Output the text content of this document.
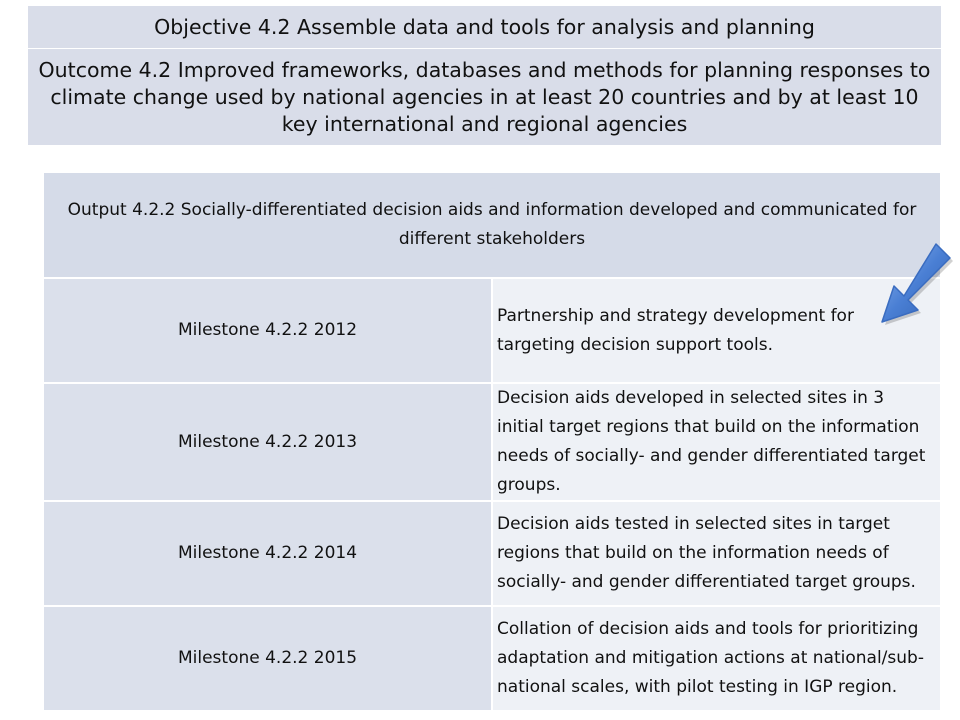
Objective 4.2 Assemble data and tools for analysis and planning
Outcome 4.2 Improved frameworks, databases and methods for planning responses to climate change used by national agencies in at least 20 countries and by at least 10 key international and regional agencies
Output 4.2.2 Socially-differentiated decision aids and information developed and communicated for different stakeholders	
Milestone 4.2.2 2012	Partnership and strategy development for targeting decision support tools.
Milestone 4.2.2 2013	Decision aids developed in selected sites in 3 initial target regions that build on the information needs of socially- and gender differentiated target groups.
Milestone 4.2.2 2014	Decision aids tested in selected sites in target regions that build on the information needs of socially- and gender differentiated target groups.
Milestone 4.2.2 2015	Collation of decision aids and tools for prioritizing adaptation and mitigation actions at national/sub-national scales, with pilot testing in IGP region.
